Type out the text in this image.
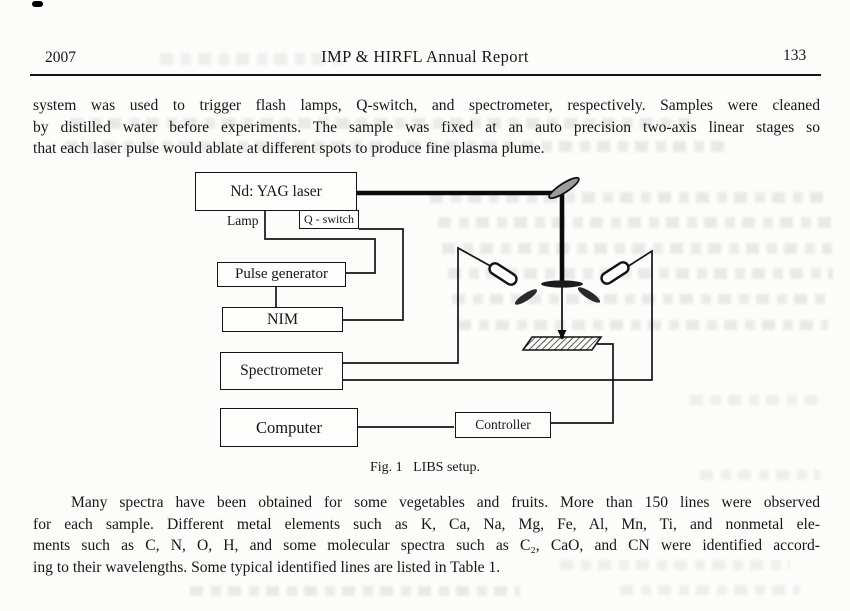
2007	IMP & HIRFL Annual Report	133
system was used to trigger flash lamps, Q-switch, and spectrometer, respectively. Samples were cleaned
by distilled water before experiments. The sample was fixed at an auto precision two-axis linear stages so
that each laser pulse would ablate at different spots to produce fine plasma plume.
Nd: YAG laser
Lamp	Q - switch
Pulse generator
NIM
Spectrometer
Computer	Controller
Fig. 1   LIBS setup.
Many spectra have been obtained for some vegetables and fruits. More than 150 lines were observed
for each sample. Different metal elements such as K, Ca, Na, Mg, Fe, Al, Mn, Ti, and nonmetal ele-
ments such as C, N, O, H, and some molecular spectra such as C₂, CaO, and CN were identified accord-
ing to their wavelengths. Some typical identified lines are listed in Table 1.
